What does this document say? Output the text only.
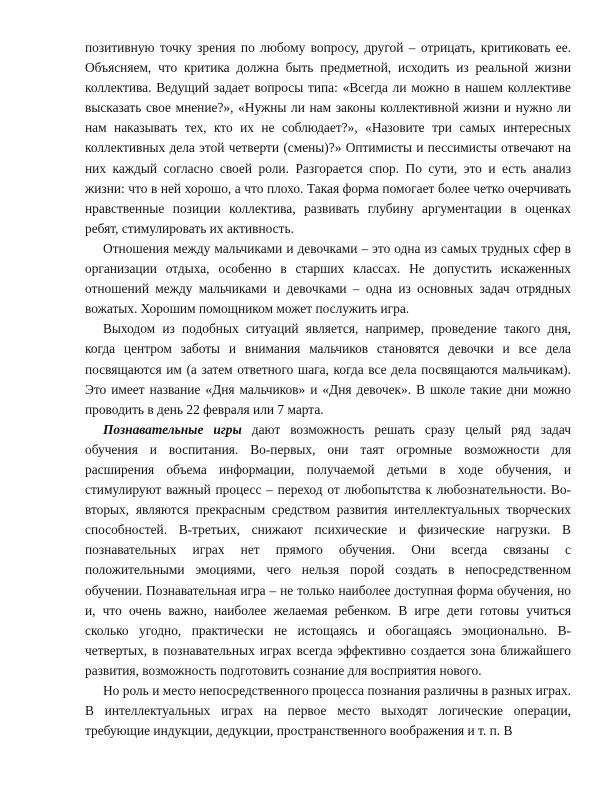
позитивную точку зрения по любому вопросу, другой – отрицать, критиковать ее. Объясняем, что критика должна быть предметной, исходить из реальной жизни коллектива. Ведущий задает вопросы типа: «Всегда ли можно в нашем коллективе высказать свое мнение?», «Нужны ли нам законы коллективной жизни и нужно ли нам наказывать тех, кто их не соблюдает?», «Назовите три самых интересных коллективных дела этой четверти (смены)?» Оптимисты и пессимисты отвечают на них каждый согласно своей роли. Разгорается спор. По сути, это и есть анализ жизни: что в ней хорошо, а что плохо. Такая форма помогает более четко очерчивать нравственные позиции коллектива, развивать глубину аргументации в оценках ребят, стимулировать их активность.

Отношения между мальчиками и девочками – это одна из самых трудных сфер в организации отдыха, особенно в старших классах. Не допустить искаженных отношений между мальчиками и девочками – одна из основных задач отрядных вожатых. Хорошим помощником может послужить игра.

Выходом из подобных ситуаций является, например, проведение такого дня, когда центром заботы и внимания мальчиков становятся девочки и все дела посвящаются им (а затем ответного шага, когда все дела посвящаются мальчикам). Это имеет название «Дня мальчиков» и «Дня девочек». В школе такие дни можно проводить в день 22 февраля или 7 марта.

Познавательные игры дают возможность решать сразу целый ряд задач обучения и воспитания. Во-первых, они таят огромные возможности для расширения объема информации, получаемой детьми в ходе обучения, и стимулируют важный процесс – переход от любопытства к любознательности. Во-вторых, являются прекрасным средством развития интеллектуальных творческих способностей. В-третьих, снижают психические и физические нагрузки. В познавательных играх нет прямого обучения. Они всегда связаны с положительными эмоциями, чего нельзя порой создать в непосредственном обучении. Познавательная игра – не только наиболее доступная форма обучения, но и, что очень важно, наиболее желаемая ребенком. В игре дети готовы учиться сколько угодно, практически не истощаясь и обогащаясь эмоционально. В-четвертых, в познавательных играх всегда эффективно создается зона ближайшего развития, возможность подготовить сознание для восприятия нового.

Но роль и место непосредственного процесса познания различны в разных играх. В интеллектуальных играх на первое место выходят логические операции, требующие индукции, дедукции, пространственного воображения и т. п. В
